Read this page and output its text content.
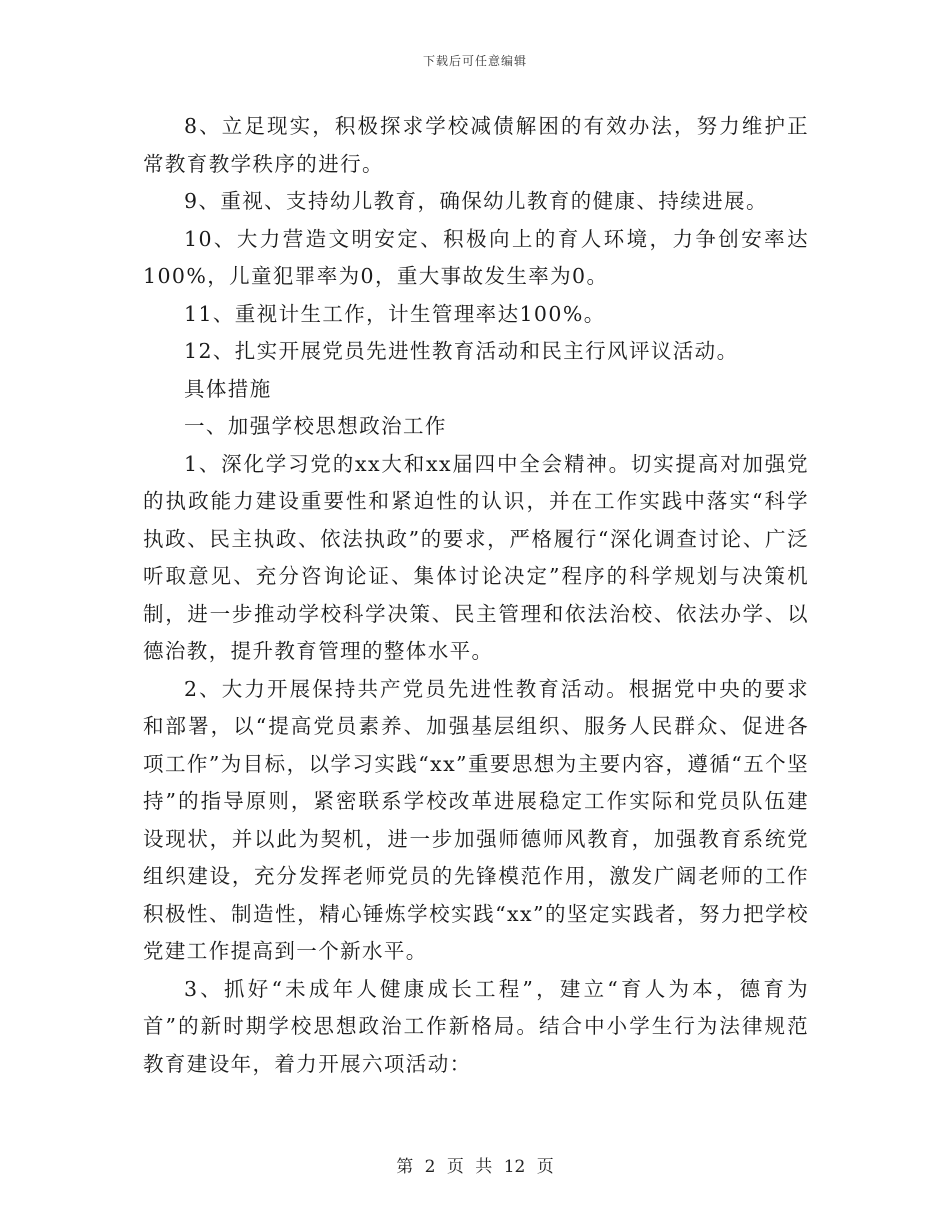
下载后可任意编辑

8、立足现实，积极探求学校减债解困的有效办法，努力维护正常教育教学秩序的进行。

9、重视、支持幼儿教育，确保幼儿教育的健康、持续进展。

10、大力营造文明安定、积极向上的育人环境，力争创安率达100%，儿童犯罪率为0，重大事故发生率为0。

11、重视计生工作，计生管理率达100%。

12、扎实开展党员先进性教育活动和民主行风评议活动。

具体措施

一、加强学校思想政治工作

1、深化学习党的xx大和xx届四中全会精神。切实提高对加强党的执政能力建设重要性和紧迫性的认识，并在工作实践中落实“科学执政、民主执政、依法执政”的要求，严格履行“深化调查讨论、广泛听取意见、充分咨询论证、集体讨论决定”程序的科学规划与决策机制，进一步推动学校科学决策、民主管理和依法治校、依法办学、以德治教，提升教育管理的整体水平。

2、大力开展保持共产党员先进性教育活动。根据党中央的要求和部署，以“提高党员素养、加强基层组织、服务人民群众、促进各项工作”为目标，以学习实践“xx”重要思想为主要内容，遵循“五个坚持”的指导原则，紧密联系学校改革进展稳定工作实际和党员队伍建设现状，并以此为契机，进一步加强师德师风教育，加强教育系统党组织建设，充分发挥老师党员的先锋模范作用，激发广阔老师的工作积极性、制造性，精心锤炼学校实践“xx”的坚定实践者，努力把学校党建工作提高到一个新水平。

3、抓好“未成年人健康成长工程”，建立“育人为本，德育为首”的新时期学校思想政治工作新格局。结合中小学生行为法律规范教育建设年，着力开展六项活动：

第 2 页 共 12 页
